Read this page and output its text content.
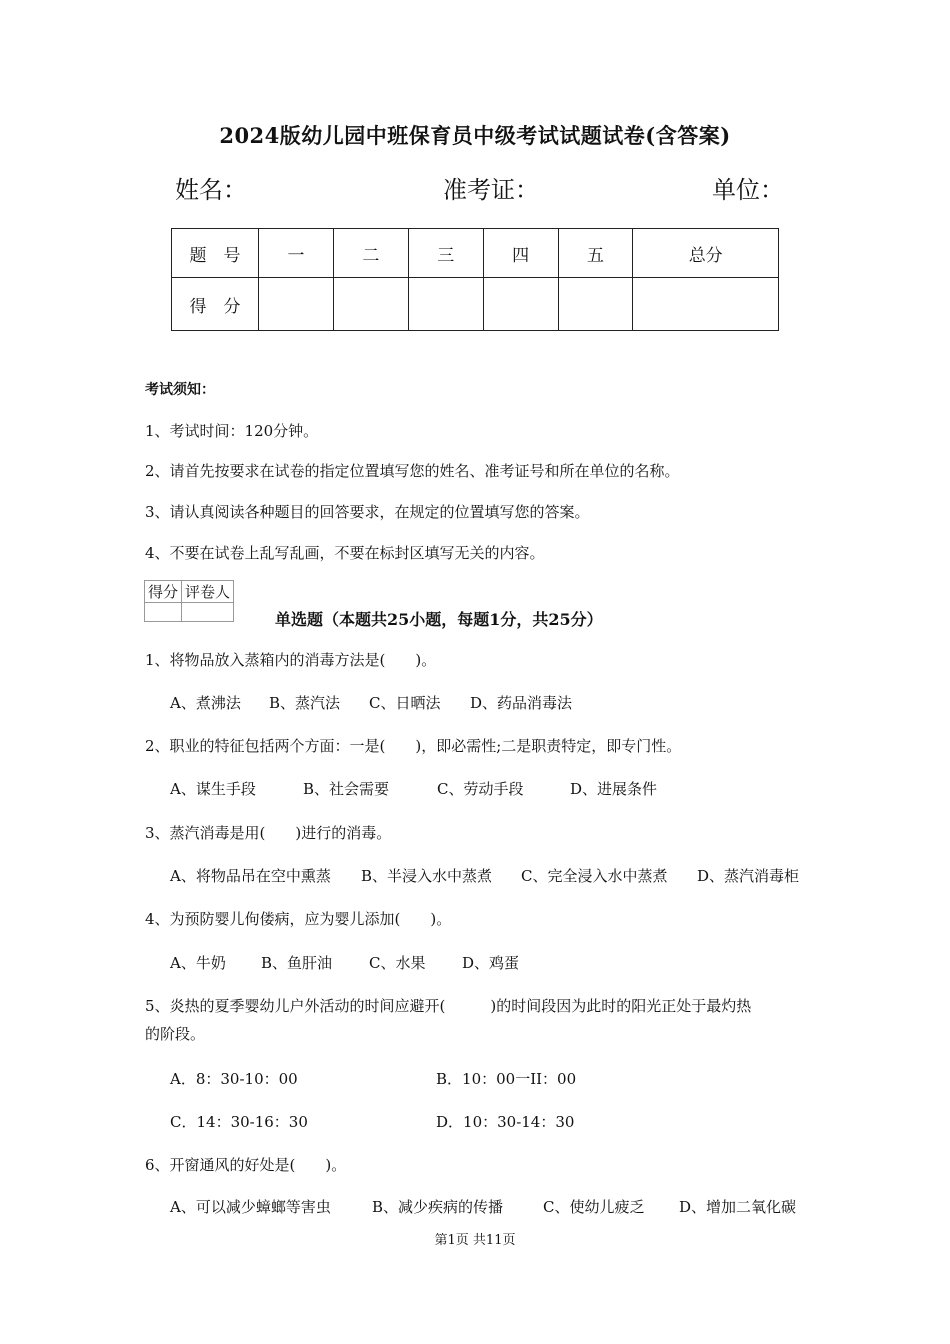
2024版幼儿园中班保育员中级考试试题试卷(含答案)
姓名：	准考证：	单位：
题　号	一	二	三	四	五	总分
得　分						
考试须知：
1、考试时间：120分钟。
2、请首先按要求在试卷的指定位置填写您的姓名、准考证号和所在单位的名称。
3、请认真阅读各种题目的回答要求，在规定的位置填写您的答案。
4、不要在试卷上乱写乱画，不要在标封区填写无关的内容。
得分	评卷人

单选题（本题共25小题，每题1分，共25分）
1、将物品放入蒸箱内的消毒方法是(　　)。
A、煮沸法 B、蒸汽法 C、日晒法 D、药品消毒法
2、职业的特征包括两个方面：一是(　　)，即必需性;二是职责特定，即专门性。
A、谋生手段	B、社会需要	C、劳动手段	D、进展条件
3、蒸汽消毒是用(　　)进行的消毒。
A、将物品吊在空中熏蒸 B、半浸入水中蒸煮 C、完全浸入水中蒸煮 D、蒸汽消毒柜
4、为预防婴儿佝偻病，应为婴儿添加(　　)。
A、牛奶 B、鱼肝油 C、水果 D、鸡蛋
5、炎热的夏季婴幼儿户外活动的时间应避开(　　　)的时间段因为此时的阳光正处于最灼热
的阶段。
A．8：30-10：00	B．10：00一II：00
C．14：30-16：30	D．10：30-14：30
6、开窗通风的好处是(　　)。
A、可以减少蟑螂等害虫	B、减少疾病的传播	C、使幼儿疲乏 D、增加二氧化碳
第1页 共11页
